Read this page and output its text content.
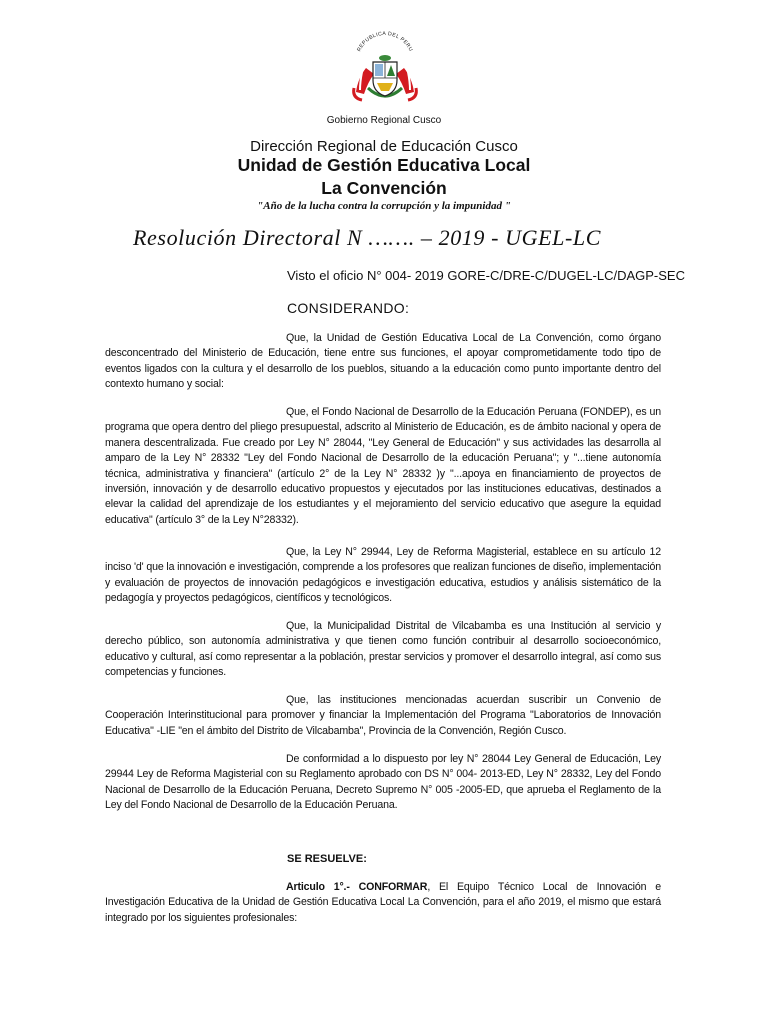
REPUBLICA DEL PERU
Gobierno Regional Cusco
Dirección Regional de Educación Cusco
Unidad de Gestión Educativa Local
La Convención
"Año de la lucha contra la corrupción y la impunidad "
Resolución Directoral N ……. – 2019 - UGEL-LC
Visto el oficio N° 004- 2019 GORE-C/DRE-C/DUGEL-LC/DAGP-SEC
CONSIDERANDO:
Que, la Unidad de Gestión Educativa Local de La Convención, como órgano desconcentrado del Ministerio de Educación, tiene entre sus funciones, el apoyar comprometidamente todo tipo de eventos ligados con la cultura y el desarrollo de los pueblos, situando a la educación como punto importante dentro del contexto humano y social:
Que, el Fondo Nacional de Desarrollo de la Educación Peruana (FONDEP), es un programa que opera dentro del pliego presupuestal, adscrito al Ministerio de Educación, es de ámbito nacional y opera de manera descentralizada. Fue creado por Ley N° 28044, "Ley General de Educación" y sus actividades las desarrolla al amparo de la Ley N° 28332 "Ley del Fondo Nacional de Desarrollo de la educación Peruana"; y "...tiene autonomía técnica, administrativa y financiera" (artículo 2° de la Ley N° 28332 )y "...apoya en financiamiento de proyectos de inversión, innovación y de desarrollo educativo propuestos y ejecutados por las instituciones educativas, destinados a elevar la calidad del aprendizaje de los estudiantes y el mejoramiento del servicio educativo que asegure la equidad educativa" (artículo 3° de la Ley N°28332).
Que, la Ley N° 29944, Ley de Reforma Magisterial, establece en su artículo 12 inciso 'd' que la innovación e investigación, comprende a los profesores que realizan funciones de diseño, implementación y evaluación de proyectos de innovación pedagógicos e investigación educativa, estudios y análisis sistemático de la pedagogía y proyectos pedagógicos, científicos y tecnológicos.
Que, la Municipalidad Distrital de Vilcabamba es una Institución al servicio y derecho público, son autonomía administrativa y que tienen como función contribuir al desarrollo socioeconómico, educativo y cultural, así como representar a la población, prestar servicios y promover el desarrollo integral, así como sus competencias y funciones.
Que, las instituciones mencionadas acuerdan suscribir un Convenio de Cooperación Interinstitucional para promover y financiar la Implementación del Programa "Laboratorios de Innovación Educativa" -LIE "en el ámbito del Distrito de Vilcabamba", Provincia de la Convención, Región Cusco.
De conformidad a lo dispuesto por ley N° 28044 Ley General de Educación, Ley 29944 Ley de Reforma Magisterial con su Reglamento aprobado con DS N° 004- 2013-ED, Ley N° 28332, Ley del Fondo Nacional de Desarrollo de la Educación Peruana, Decreto Supremo N° 005 -2005-ED, que aprueba el Reglamento de la Ley del Fondo Nacional de Desarrollo de la Educación Peruana.
SE RESUELVE:
Articulo 1°.- CONFORMAR, El Equipo Técnico Local de Innovación e Investigación Educativa de la Unidad de Gestión Educativa Local La Convención, para el año 2019, el mismo que estará integrado por los siguientes profesionales:
